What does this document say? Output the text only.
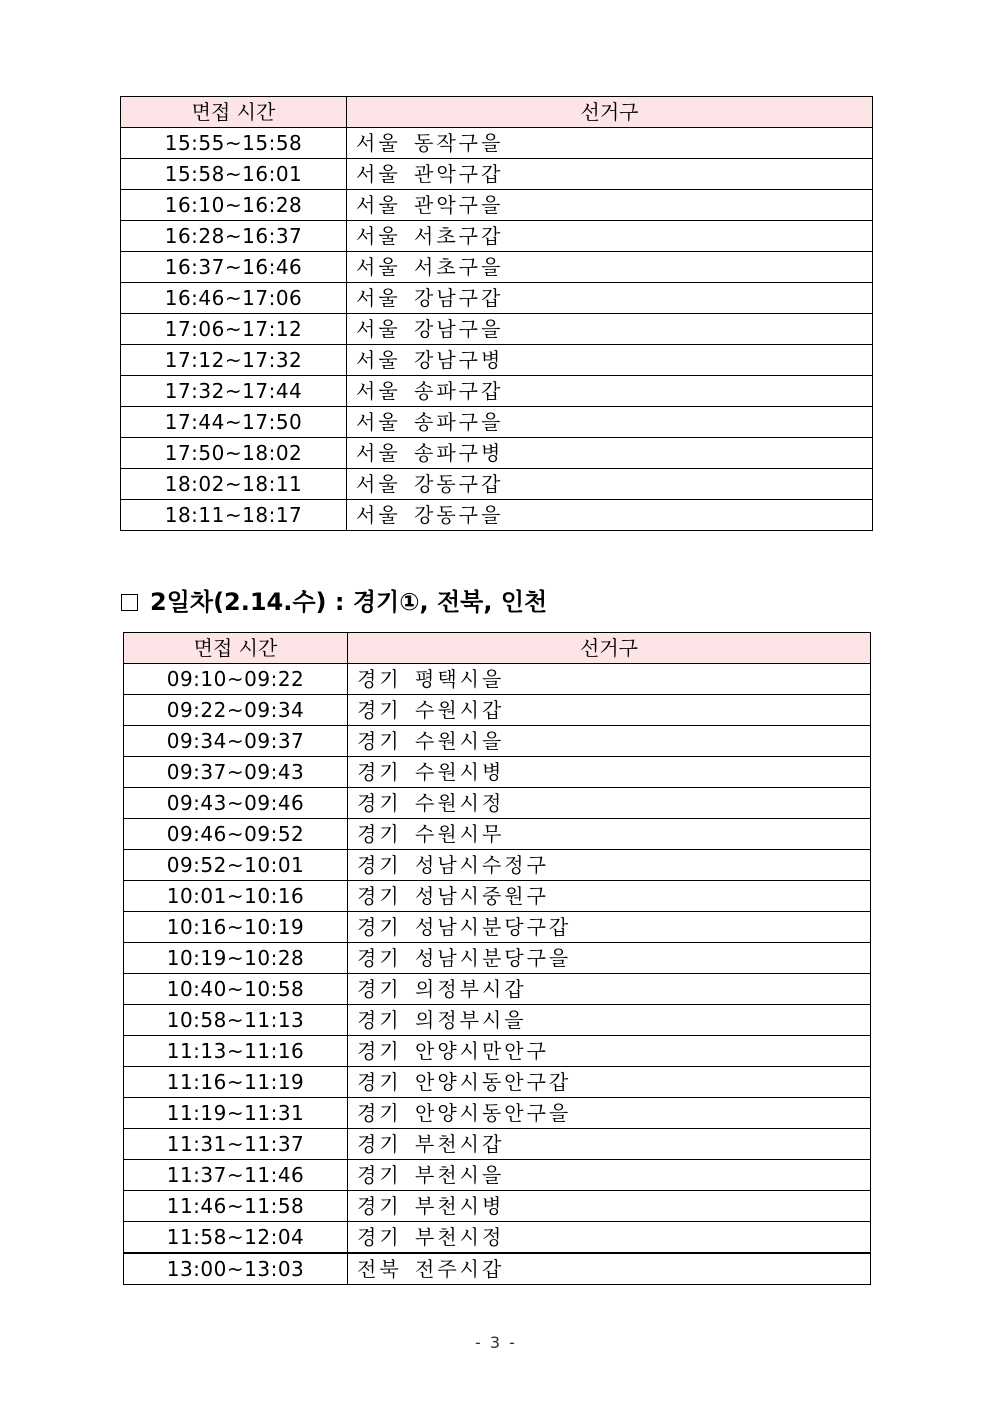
면접 시간	선거구
15:55~15:58	서울 동작구을
15:58~16:01	서울 관악구갑
16:10~16:28	서울 관악구을
16:28~16:37	서울 서초구갑
16:37~16:46	서울 서초구을
16:46~17:06	서울 강남구갑
17:06~17:12	서울 강남구을
17:12~17:32	서울 강남구병
17:32~17:44	서울 송파구갑
17:44~17:50	서울 송파구을
17:50~18:02	서울 송파구병
18:02~18:11	서울 강동구갑
18:11~18:17	서울 강동구을
2일차(2.14.수) : 경기①, 전북, 인천
면접 시간	선거구
09:10~09:22	경기 평택시을
09:22~09:34	경기 수원시갑
09:34~09:37	경기 수원시을
09:37~09:43	경기 수원시병
09:43~09:46	경기 수원시정
09:46~09:52	경기 수원시무
09:52~10:01	경기 성남시수정구
10:01~10:16	경기 성남시중원구
10:16~10:19	경기 성남시분당구갑
10:19~10:28	경기 성남시분당구을
10:40~10:58	경기 의정부시갑
10:58~11:13	경기 의정부시을
11:13~11:16	경기 안양시만안구
11:16~11:19	경기 안양시동안구갑
11:19~11:31	경기 안양시동안구을
11:31~11:37	경기 부천시갑
11:37~11:46	경기 부천시을
11:46~11:58	경기 부천시병
11:58~12:04	경기 부천시정
13:00~13:03	전북 전주시갑
- 3 -
